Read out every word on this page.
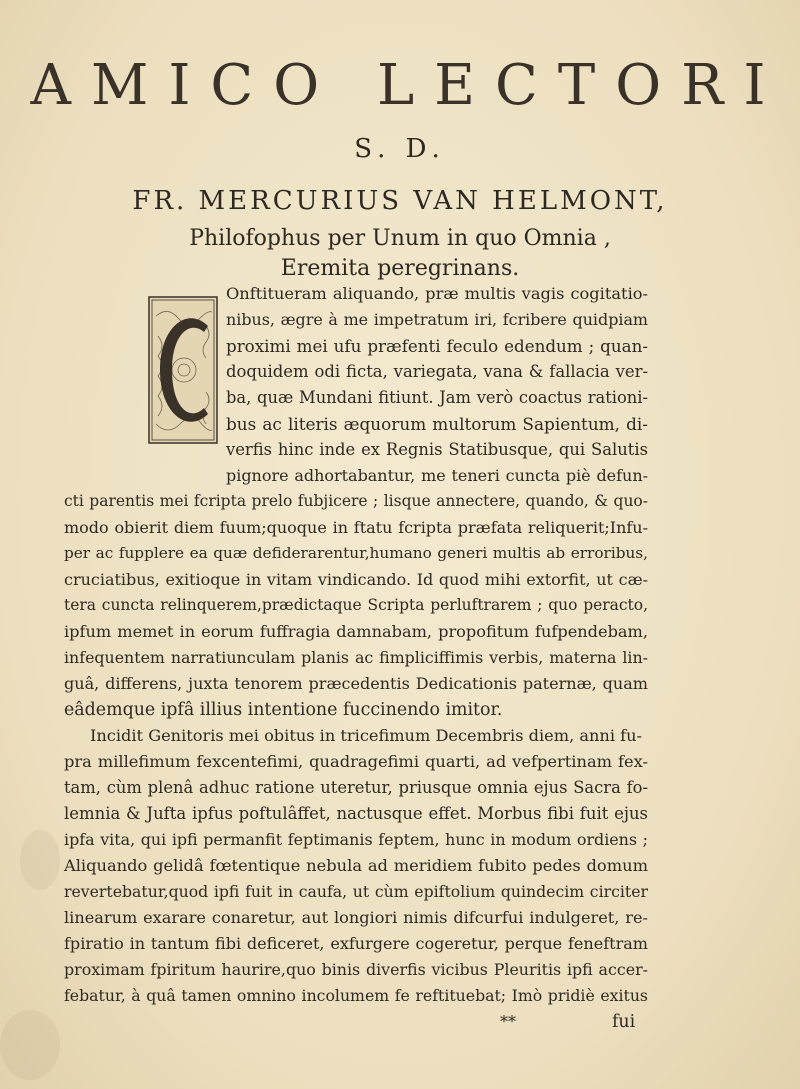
AMICO LECTORI
S. D.
FR. MERCURIUS VAN HELMONT,
Philofophus per Unum in quo Omnia ,
Eremita peregrinans.
Onftitueram aliquando, præ multis vagis cogitatio-
nibus, ægre à me impetratum iri, fcribere quidpiam
proximi mei ufu præfenti feculo edendum ; quan-
doquidem odi ficta, variegata, vana & fallacia ver-
ba, quæ Mundani fitiunt. Jam verò coactus rationi-
bus ac literis æquorum multorum Sapientum, di-
verfis hinc inde ex Regnis Statibusque, qui Salutis
pignore adhortabantur, me teneri cuncta piè defun-
cti parentis mei fcripta prelo fubjicere ; lisque annectere, quando, & quo-
modo obierit diem fuum;quoque in ftatu fcripta præfata reliquerit;Infu-
per ac fupplere ea quæ defiderarentur,humano generi multis ab erroribus,
cruciatibus, exitioque in vitam vindicando. Id quod mihi extorfit, ut cæ-
tera cuncta relinquerem,prædictaque Scripta perluftrarem ; quo peracto,
ipfum memet in eorum fuffragia damnabam, propofitum fufpendebam,
infequentem narratiunculam planis ac fimpliciffimis verbis, materna lin-
guâ, differens, juxta tenorem præcedentis Dedicationis paternæ, quam
eâdemque ipfâ illius intentione fuccinendo imitor.
Incidit Genitoris mei obitus in tricefimum Decembris diem, anni fu-
pra millefimum fexcentefimi, quadragefimi quarti, ad vefpertinam fex-
tam, cùm plenâ adhuc ratione uteretur, priusque omnia ejus Sacra fo-
lemnia & Jufta ipfus poftulâffet, nactusque effet. Morbus fibi fuit ejus
ipfa vita, qui ipfi permanfit feptimanis feptem, hunc in modum ordiens ;
Aliquando gelidâ fœtentique nebula ad meridiem fubito pedes domum
revertebatur,quod ipfi fuit in caufa, ut cùm epiftolium quindecim circiter
linearum exarare conaretur, aut longiori nimis difcurfui indulgeret, re-
fpiratio in tantum fibi deficeret, exfurgere cogeretur, perque feneftram
proximam fpiritum haurire,quo binis diverfis vicibus Pleuritis ipfi accer-
febatur, à quâ tamen omnino incolumem fe reftituebat; Imò pridiè exitus
**	fui
